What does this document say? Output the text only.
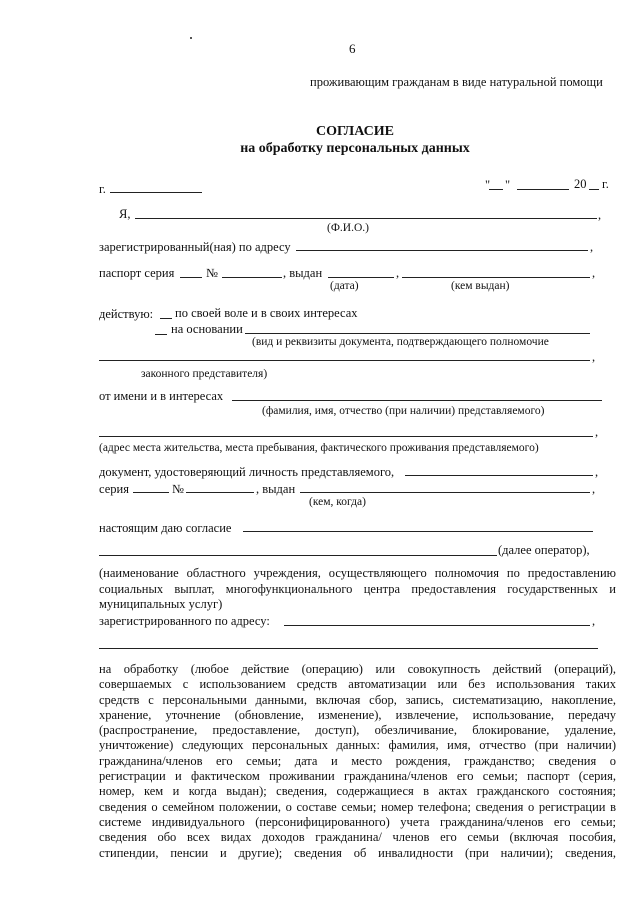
6
проживающим гражданам в виде натуральной помощи
СОГЛАСИЕ
на обработку персональных данных
г.	" "	20 г.
Я,	,
(Ф.И.О.)
зарегистрированный(ная) по адресу	,
паспорт серия	№	, выдан	,	,
(дата)	(кем выдан)
действую: по своей воле и в своих интересах
на основании
(вид и реквизиты документа, подтверждающего полномочие
,
законного представителя)
от имени и в интересах
(фамилия, имя, отчество (при наличии) представляемого)
,
(адрес места жительства, места пребывания, фактического проживания представляемого)
документ, удостоверяющий личность представляемого,	,
серия	№	, выдан	,
(кем, когда)
настоящим даю согласие
(далее оператор),
(наименование областного учреждения, осуществляющего полномочия по предоставлению
социальных выплат, многофункционального центра предоставления государственных и
муниципальных услуг)
зарегистрированного по адресу:	,
на обработку (любое действие (операцию) или совокупность действий (операций),
совершаемых с использованием средств автоматизации или без использования таких
средств с персональными данными, включая сбор, запись, систематизацию, накопление,
хранение, уточнение (обновление, изменение), извлечение, использование, передачу
(распространение, предоставление, доступ), обезличивание, блокирование, удаление,
уничтожение) следующих персональных данных: фамилия, имя, отчество (при наличии)
гражданина/членов его семьи; дата и место рождения, гражданство; сведения о
регистрации и фактическом проживании гражданина/членов его семьи; паспорт (серия,
номер, кем и когда выдан); сведения, содержащиеся в актах гражданского состояния;
сведения о семейном положении, о составе семьи; номер телефона; сведения о регистрации в
системе индивидуального (персонифицированного) учета гражданина/членов его семьи;
сведения обо всех видах доходов гражданина/ членов его семьи (включая пособия,
стипендии, пенсии и другие); сведения об инвалидности (при наличии); сведения,
